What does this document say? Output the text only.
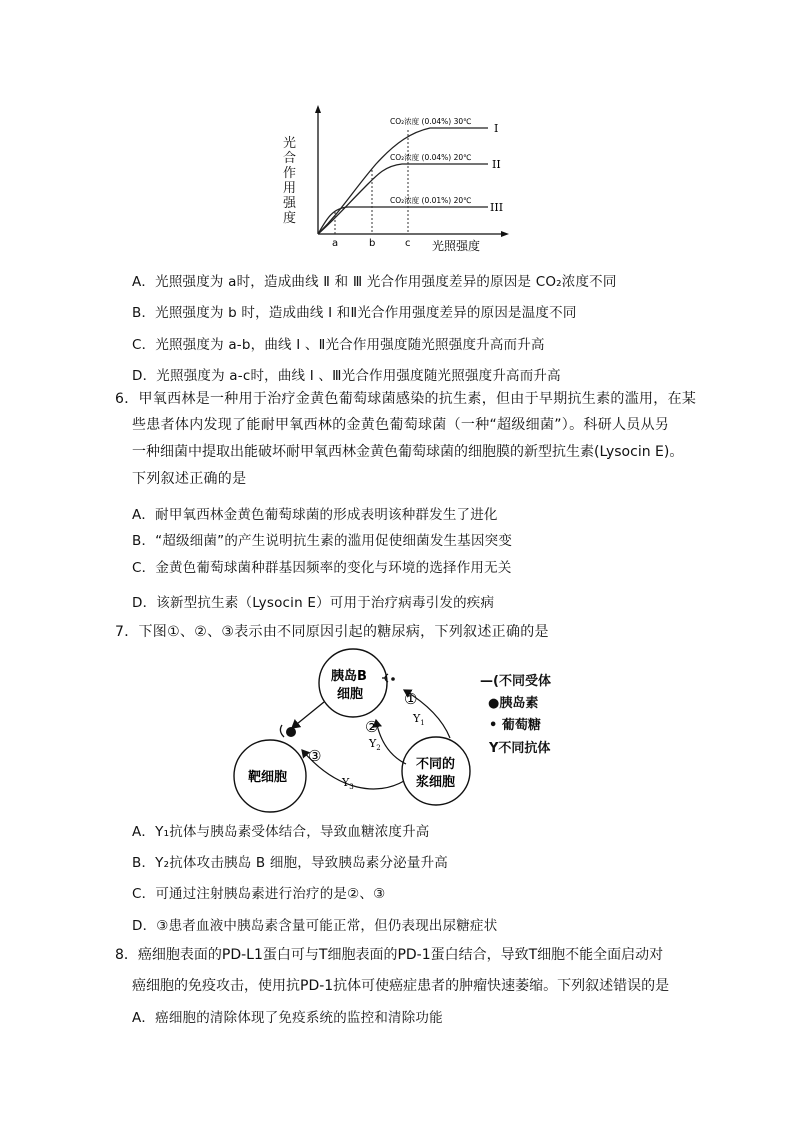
a	b	c 光照强度
CO₂浓度 (0.04%) 30℃
CO₂浓度 (0.04%) 20℃
CO₂浓度 (0.01%) 20℃
I
II
III
光合作用强度
A．光照强度为 a时，造成曲线 Ⅱ 和 Ⅲ 光合作用强度差异的原因是 CO₂浓度不同
B．光照强度为 b 时，造成曲线 I 和Ⅱ光合作用强度差异的原因是温度不同
C．光照强度为 a-b，曲线 I 、Ⅱ光合作用强度随光照强度升高而升高
D．光照强度为 a-c时，曲线 I 、Ⅲ光合作用强度随光照强度升高而升高
6．甲氧西林是一种用于治疗金黄色葡萄球菌感染的抗生素，但由于早期抗生素的滥用，在某
些患者体内发现了能耐甲氧西林的金黄色葡萄球菌（一种“超级细菌”）。科研人员从另
一种细菌中提取出能破坏耐甲氧西林金黄色葡萄球菌的细胞膜的新型抗生素(Lysocin E)。
下列叙述正确的是
A．耐甲氧西林金黄色葡萄球菌的形成表明该种群发生了进化
B．“超级细菌”的产生说明抗生素的滥用促使细菌发生基因突变
C．金黄色葡萄球菌种群基因频率的变化与环境的选择作用无关
D．该新型抗生素（Lysocin E）可用于治疗病毒引发的疾病
7．下图①、②、③表示由不同原因引起的糖尿病，下列叙述正确的是
胰岛B
细胞
靶细胞
不同的
浆细胞
①
$Y_1$
②
$Y_2$
③
$Y_3$
—(不同受体
●胰岛素
• 葡萄糖
Y不同抗体
A．Y₁抗体与胰岛素受体结合，导致血糖浓度升高
B．Y₂抗体攻击胰岛 B 细胞，导致胰岛素分泌量升高
C．可通过注射胰岛素进行治疗的是②、③
D．③患者血液中胰岛素含量可能正常，但仍表现出尿糖症状
8．癌细胞表面的PD-L1蛋白可与T细胞表面的PD-1蛋白结合，导致T细胞不能全面启动对
癌细胞的免疫攻击，使用抗PD-1抗体可使癌症患者的肿瘤快速萎缩。下列叙述错误的是
A．癌细胞的清除体现了免疫系统的监控和清除功能
